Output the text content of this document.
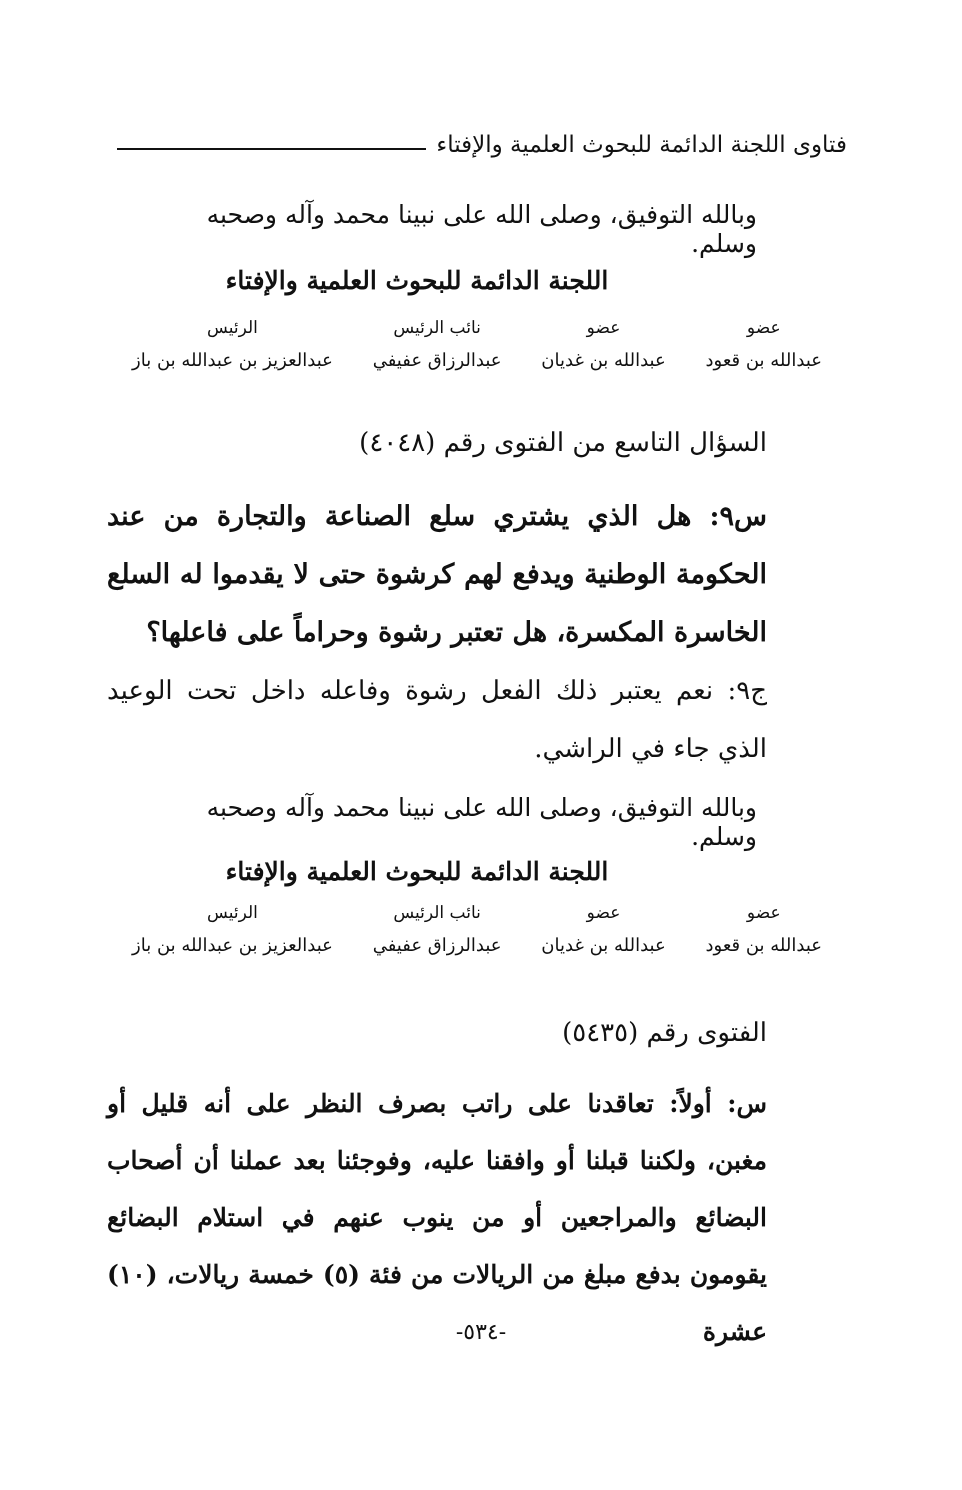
فتاوى اللجنة الدائمة للبحوث العلمية والإفتاء
وبالله التوفيق، وصلى الله على نبينا محمد وآله وصحبه وسلم.
اللجنة الدائمة للبحوث العلمية والإفتاء
عضو
عبدالله بن قعود
عضو
عبدالله بن غديان
نائب الرئيس
عبدالرزاق عفيفي
الرئيس
عبدالعزيز بن عبدالله بن باز
السؤال التاسع من الفتوى رقم (٤٠٤٨)
س٩: هل الذي يشتري سلع الصناعة والتجارة من عند الحكومة الوطنية ويدفع لهم كرشوة حتى لا يقدموا له السلع الخاسرة المكسرة، هل تعتبر رشوة وحراماً على فاعلها؟
ج٩: نعم يعتبر ذلك الفعل رشوة وفاعله داخل تحت الوعيد الذي جاء في الراشي.
وبالله التوفيق، وصلى الله على نبينا محمد وآله وصحبه وسلم.
اللجنة الدائمة للبحوث العلمية والإفتاء
عضو
عبدالله بن قعود
عضو
عبدالله بن غديان
نائب الرئيس
عبدالرزاق عفيفي
الرئيس
عبدالعزيز بن عبدالله بن باز
الفتوى رقم (٥٤٣٥)
س: أولاً: تعاقدنا على راتب بصرف النظر على أنه قليل أو مغبن، ولكننا قبلنا أو وافقنا عليه، وفوجئنا بعد عملنا أن أصحاب البضائع والمراجعين أو من ينوب عنهم في استلام البضائع يقومون بدفع مبلغ من الريالات من فئة (٥) خمسة ريالات، (١٠) عشرة
-٥٣٤-
